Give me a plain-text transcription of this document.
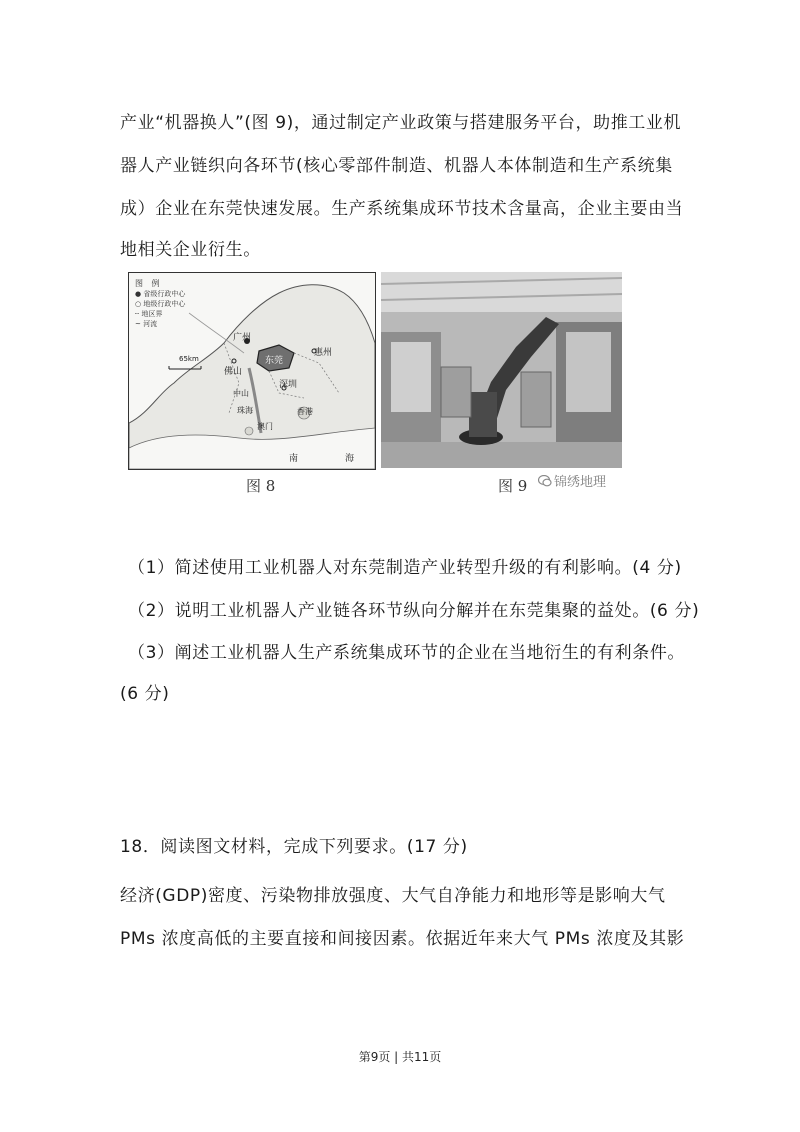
产业“机器换人”(图 9)，通过制定产业政策与搭建服务平台，助推工业机
器人产业链织向各环节(核心零部件制造、机器人本体制造和生产系统集
成）企业在东莞快速发展。生产系统集成环节技术含量高，企业主要由当
地相关企业衍生。
图 例
● 省级行政中心
○ 地级行政中心
┄ 地区界
~ 河流
65km
广州
佛山
东莞
惠州
深圳
中山
珠海	香港
澳门
南	海
图 8	图 9	锦绣地理
（1）简述使用工业机器人对东莞制造产业转型升级的有利影响。(4 分)
（2）说明工业机器人产业链各环节纵向分解并在东莞集聚的益处。(6 分)
（3）阐述工业机器人生产系统集成环节的企业在当地衍生的有利条件。
(6 分)
18．阅读图文材料，完成下列要求。(17 分)
经济(GDP)密度、污染物排放强度、大气自净能力和地形等是影响大气
PMs 浓度高低的主要直接和间接因素。依据近年来大气 PMs 浓度及其影
第9页 | 共11页
